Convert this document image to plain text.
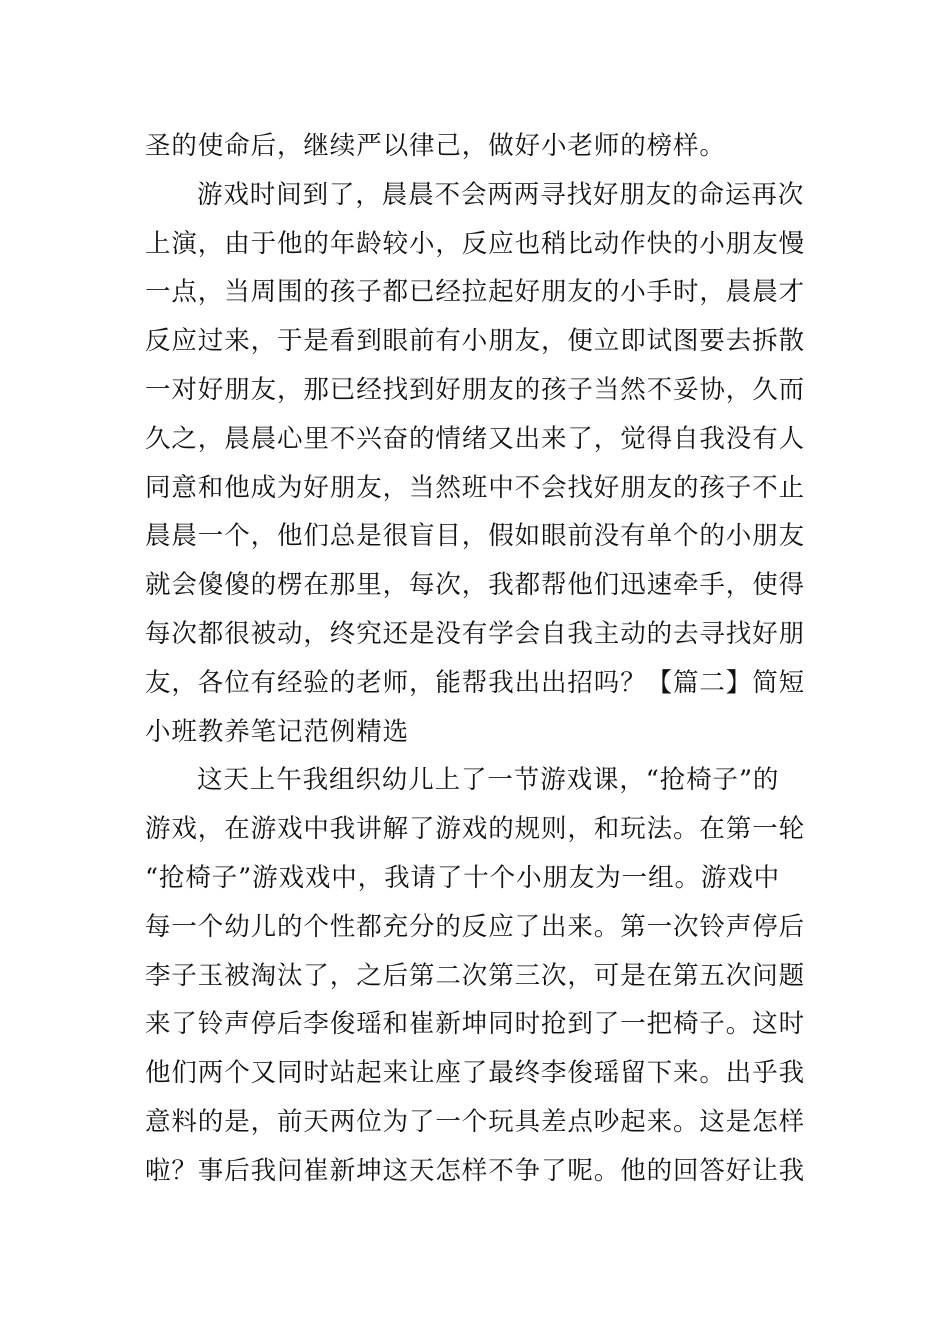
圣的使命后，继续严以律己，做好小老师的榜样。
游戏时间到了，晨晨不会两两寻找好朋友的命运再次
上演，由于他的年龄较小，反应也稍比动作快的小朋友慢
一点，当周围的孩子都已经拉起好朋友的小手时，晨晨才
反应过来，于是看到眼前有小朋友，便立即试图要去拆散
一对好朋友，那已经找到好朋友的孩子当然不妥协，久而
久之，晨晨心里不兴奋的情绪又出来了，觉得自我没有人
同意和他成为好朋友，当然班中不会找好朋友的孩子不止
晨晨一个，他们总是很盲目，假如眼前没有单个的小朋友
就会傻傻的楞在那里，每次，我都帮他们迅速牵手，使得
每次都很被动，终究还是没有学会自我主动的去寻找好朋
友，各位有经验的老师，能帮我出出招吗？【篇二】简短
小班教养笔记范例精选
这天上午我组织幼儿上了一节游戏课，“抢椅子”的
游戏，在游戏中我讲解了游戏的规则，和玩法。在第一轮
“抢椅子”游戏戏中，我请了十个小朋友为一组。游戏中
每一个幼儿的个性都充分的反应了出来。第一次铃声停后
李子玉被淘汰了，之后第二次第三次，可是在第五次问题
来了铃声停后李俊瑶和崔新坤同时抢到了一把椅子。这时
他们两个又同时站起来让座了最终李俊瑶留下来。出乎我
意料的是，前天两位为了一个玩具差点吵起来。这是怎样
啦？事后我问崔新坤这天怎样不争了呢。他的回答好让我
